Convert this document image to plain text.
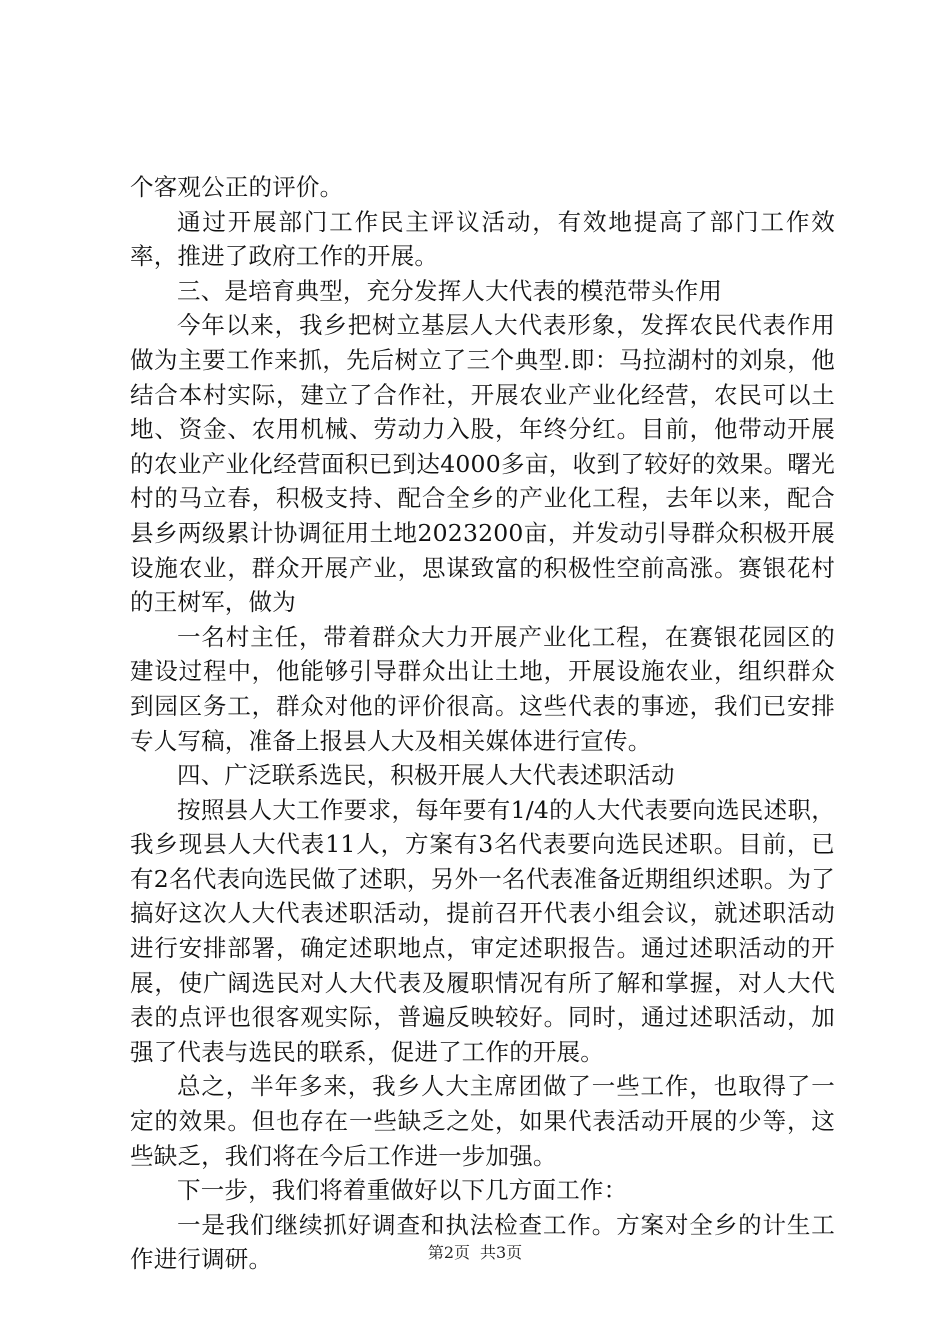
个客观公正的评价。

通过开展部门工作民主评议活动，有效地提高了部门工作效率，推进了政府工作的开展。

三、是培育典型，充分发挥人大代表的模范带头作用

今年以来，我乡把树立基层人大代表形象，发挥农民代表作用做为主要工作来抓，先后树立了三个典型.即：马拉湖村的刘泉，他结合本村实际，建立了合作社，开展农业产业化经营，农民可以土地、资金、农用机械、劳动力入股，年终分红。目前，他带动开展的农业产业化经营面积已到达4000多亩，收到了较好的效果。曙光村的马立春，积极支持、配合全乡的产业化工程，去年以来，配合县乡两级累计协调征用土地2023200亩，并发动引导群众积极开展设施农业，群众开展产业，思谋致富的积极性空前高涨。赛银花村的王树军，做为

一名村主任，带着群众大力开展产业化工程，在赛银花园区的建设过程中，他能够引导群众出让土地，开展设施农业，组织群众到园区务工，群众对他的评价很高。这些代表的事迹，我们已安排专人写稿，准备上报县人大及相关媒体进行宣传。

四、广泛联系选民，积极开展人大代表述职活动

按照县人大工作要求，每年要有1/4的人大代表要向选民述职，我乡现县人大代表11人，方案有3名代表要向选民述职。目前，已有2名代表向选民做了述职，另外一名代表准备近期组织述职。为了搞好这次人大代表述职活动，提前召开代表小组会议，就述职活动进行安排部署，确定述职地点，审定述职报告。通过述职活动的开展，使广阔选民对人大代表及履职情况有所了解和掌握，对人大代表的点评也很客观实际，普遍反映较好。同时，通过述职活动，加强了代表与选民的联系，促进了工作的开展。

总之，半年多来，我乡人大主席团做了一些工作，也取得了一定的效果。但也存在一些缺乏之处，如果代表活动开展的少等，这些缺乏，我们将在今后工作进一步加强。

下一步，我们将着重做好以下几方面工作：

一是我们继续抓好调查和执法检查工作。方案对全乡的计生工作进行调研。	第2页 共3页
